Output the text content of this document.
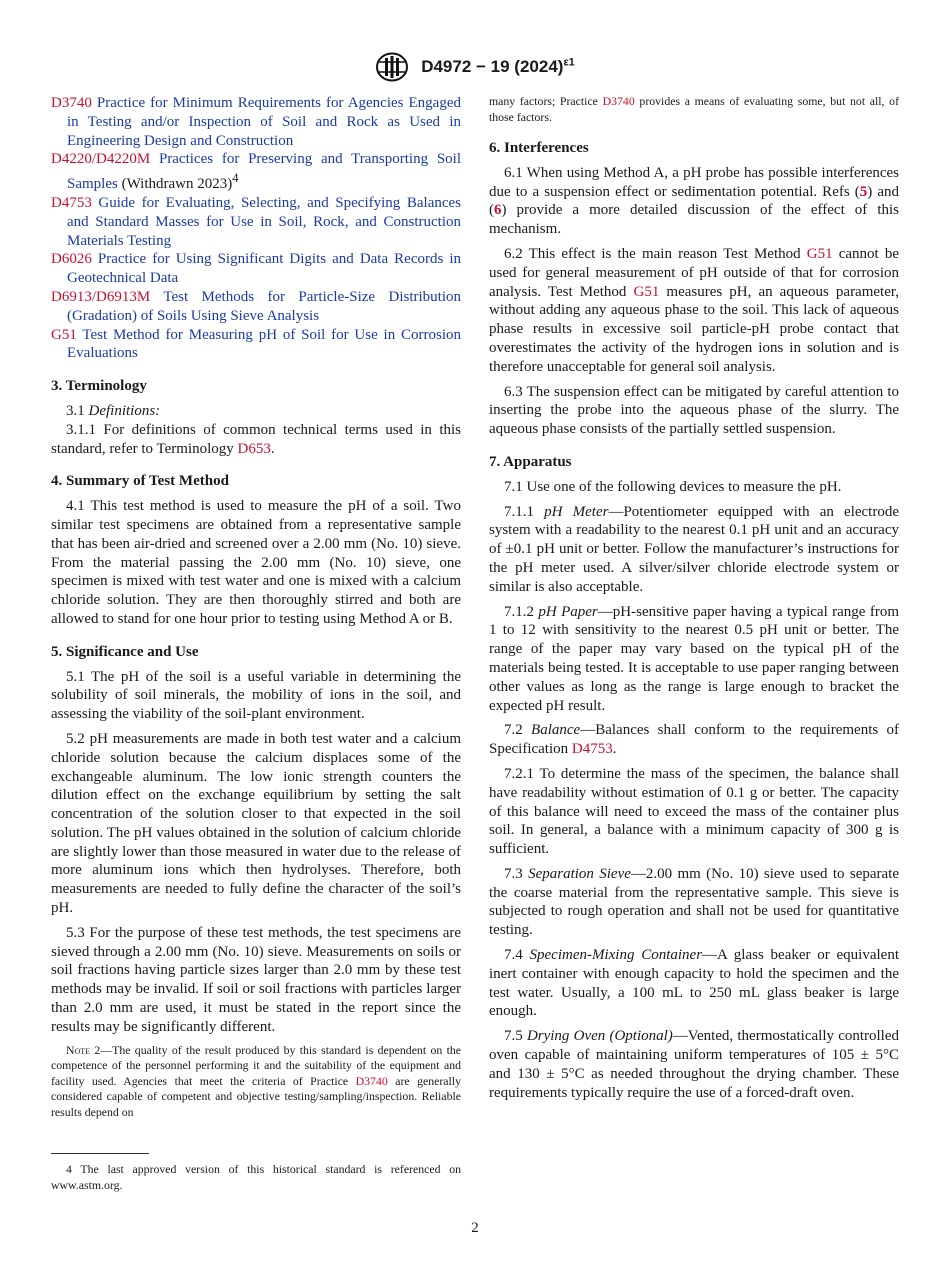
D4972 − 19 $(2024)^{\varepsilon 1}$

D3740 Practice for Minimum Requirements for Agencies Engaged in Testing and/or Inspection of Soil and Rock as Used in Engineering Design and Construction

D4220/D4220M Practices for Preserving and Transporting Soil Samples (Withdrawn 2023)$^4$

D4753 Guide for Evaluating, Selecting, and Specifying Balances and Standard Masses for Use in Soil, Rock, and Construction Materials Testing

D6026 Practice for Using Significant Digits and Data Records in Geotechnical Data

D6913/D6913M Test Methods for Particle-Size Distribution (Gradation) of Soils Using Sieve Analysis

G51 Test Method for Measuring pH of Soil for Use in Corrosion Evaluations

3. Terminology

3.1 Definitions:

3.1.1 For definitions of common technical terms used in this standard, refer to Terminology D653.

4. Summary of Test Method

4.1 This test method is used to measure the pH of a soil. Two similar test specimens are obtained from a representative sample that has been air-dried and screened over a 2.00 mm (No. 10) sieve. From the material passing the 2.00 mm (No. 10) sieve, one specimen is mixed with test water and one is mixed with a calcium chloride solution. They are then thoroughly stirred and both are allowed to stand for one hour prior to testing using Method A or B.

5. Significance and Use

5.1 The pH of the soil is a useful variable in determining the solubility of soil minerals, the mobility of ions in the soil, and assessing the viability of the soil-plant environment.

5.2 pH measurements are made in both test water and a calcium chloride solution because the calcium displaces some of the exchangeable aluminum. The low ionic strength counters the dilution effect on the exchange equilibrium by setting the salt concentration of the solution closer to that expected in the soil solution. The pH values obtained in the solution of calcium chloride are slightly lower than those measured in water due to the release of more aluminum ions which then hydrolyses. Therefore, both measurements are needed to fully define the character of the soil’s pH.

5.3 For the purpose of these test methods, the test specimens are sieved through a 2.00 mm (No. 10) sieve. Measurements on soils or soil fractions having particle sizes larger than 2.0 mm by these test methods may be invalid. If soil or soil fractions with particles larger than 2.0 mm are used, it must be stated in the report since the results may be significantly different.

Note 2—The quality of the result produced by this standard is dependent on the competence of the personnel performing it and the suitability of the equipment and facility used. Agencies that meet the criteria of Practice D3740 are generally considered capable of competent and objective testing/sampling/inspection. Reliable results depend on

4 The last approved version of this historical standard is referenced on www.astm.org.

many factors; Practice D3740 provides a means of evaluating some, but not all, of those factors.

6. Interferences

6.1 When using Method A, a pH probe has possible interferences due to a suspension effect or sedimentation potential. Refs (5) and (6) provide a more detailed discussion of the effect of this mechanism.

6.2 This effect is the main reason Test Method G51 cannot be used for general measurement of pH outside of that for corrosion analysis. Test Method G51 measures pH, an aqueous parameter, without adding any aqueous phase to the soil. This lack of aqueous phase results in excessive soil particle-pH probe contact that overestimates the activity of the hydrogen ions in solution and is therefore unacceptable for general soil analysis.

6.3 The suspension effect can be mitigated by careful attention to inserting the probe into the aqueous phase of the slurry. The aqueous phase consists of the partially settled suspension.

7. Apparatus

7.1 Use one of the following devices to measure the pH.

7.1.1 pH Meter—Potentiometer equipped with an electrode system with a readability to the nearest 0.1 pH unit and an accuracy of ±0.1 pH unit or better. Follow the manufacturer’s instructions for the pH meter used. A silver/silver chloride electrode system or similar is also acceptable.

7.1.2 pH Paper—pH-sensitive paper having a typical range from 1 to 12 with sensitivity to the nearest 0.5 pH unit or better. The range of the paper may vary based on the typical pH of the materials being tested. It is acceptable to use paper ranging between other values as long as the range is large enough to bracket the expected pH result.

7.2 Balance—Balances shall conform to the requirements of Specification D4753.

7.2.1 To determine the mass of the specimen, the balance shall have readability without estimation of 0.1 g or better. The capacity of this balance will need to exceed the mass of the container plus soil. In general, a balance with a minimum capacity of 300 g is sufficient.

7.3 Separation Sieve—2.00 mm (No. 10) sieve used to separate the coarse material from the representative sample. This sieve is subjected to rough operation and shall not be used for quantitative testing.

7.4 Specimen-Mixing Container—A glass beaker or equivalent inert container with enough capacity to hold the specimen and the test water. Usually, a 100 mL to 250 mL glass beaker is large enough.

7.5 Drying Oven (Optional)—Vented, thermostatically controlled oven capable of maintaining uniform temperatures of 105 ± 5°C and 130 ± 5°C as needed throughout the drying chamber. These requirements typically require the use of a forced-draft oven.

2
